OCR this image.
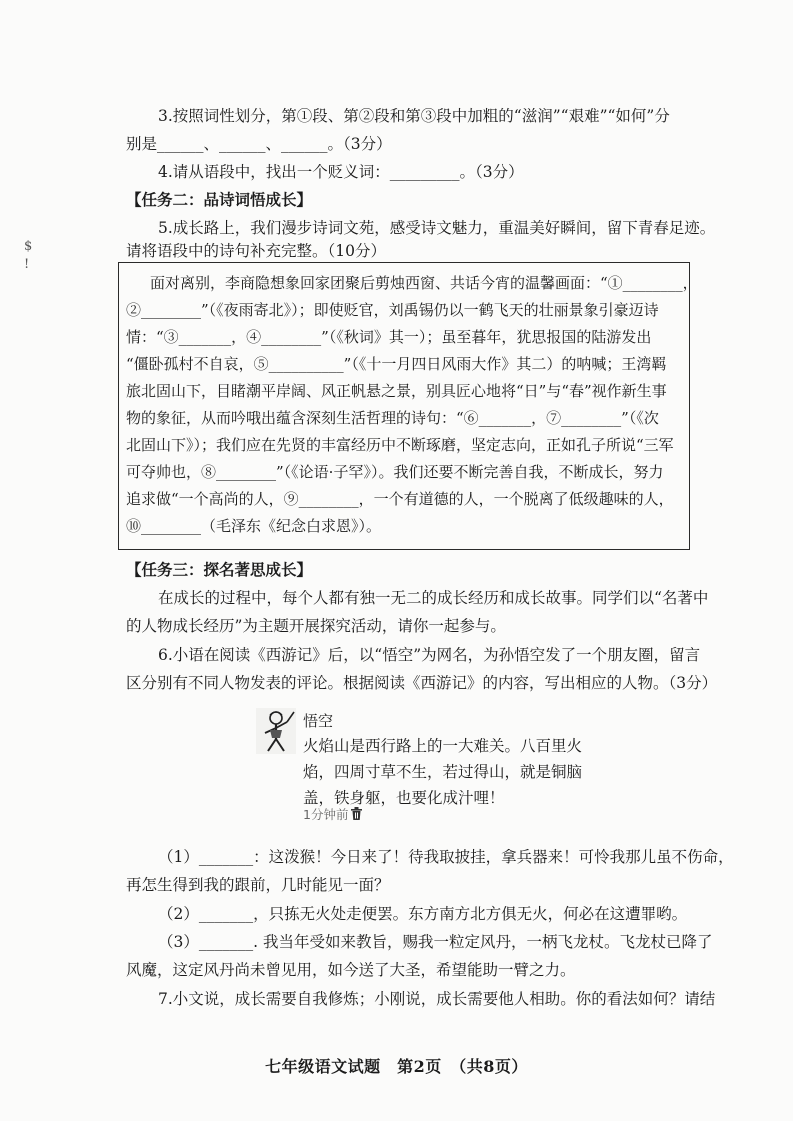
$
!
3.按照词性划分，第①段、第②段和第③段中加粗的“滋润”“艰难”“如何”分
别是______、______、______。（3分）
4.请从语段中，找出一个贬义词：_________。（3分）
【任务二：品诗词悟成长】
5.成长路上，我们漫步诗词文苑，感受诗文魅力，重温美好瞬间，留下青春足迹。
请将语段中的诗句补充完整。（10分）
面对离别，李商隐想象回家团聚后剪烛西窗、共话今宵的温馨画面：“①________，
②________”（《夜雨寄北》）；即使贬官，刘禹锡仍以一鹤飞天的壮丽景象引豪迈诗
情：“③_______，④________”（《秋词》其一）；虽至暮年，犹思报国的陆游发出
“僵卧孤村不自哀，⑤__________”（《十一月四日风雨大作》其二）的呐喊；王湾羁
旅北固山下，目睹潮平岸阔、风正帆悬之景，别具匠心地将“日”与“春”视作新生事
物的象征，从而吟哦出蕴含深刻生活哲理的诗句：“⑥_______，⑦________”（《次
北固山下》）；我们应在先贤的丰富经历中不断琢磨，坚定志向，正如孔子所说“三军
可夺帅也，⑧________”（《论语·子罕》）。我们还要不断完善自我，不断成长，努力
追求做“一个高尚的人，⑨________，一个有道德的人，一个脱离了低级趣味的人，
⑩________（毛泽东《纪念白求恩》）。
【任务三：探名著思成长】
在成长的过程中，每个人都有独一无二的成长经历和成长故事。同学们以“名著中
的人物成长经历”为主题开展探究活动，请你一起参与。
6.小语在阅读《西游记》后，以“悟空”为网名，为孙悟空发了一个朋友圈，留言
区分别有不同人物发表的评论。根据阅读《西游记》的内容，写出相应的人物。（3分）
悟空
火焰山是西行路上的一大难关。八百里火
焰，四周寸草不生，若过得山，就是铜脑
盖，铁身躯，也要化成汁哩！
1分钟前
（1）_______：这泼猴！今日来了！待我取披挂，拿兵器来！可怜我那儿虽不伤命，
再怎生得到我的跟前，几时能见一面？
（2）_______，只拣无火处走便罢。东方南方北方俱无火，何必在这遭罪哟。
（3）_______. 我当年受如来教旨，赐我一粒定风丹，一柄飞龙杖。飞龙杖已降了
风魔，这定风丹尚未曾见用，如今送了大圣，希望能助一臂之力。
7.小文说，成长需要自我修炼；小刚说，成长需要他人相助。你的看法如何？请结
七年级语文试题　第2页　（共8页）
